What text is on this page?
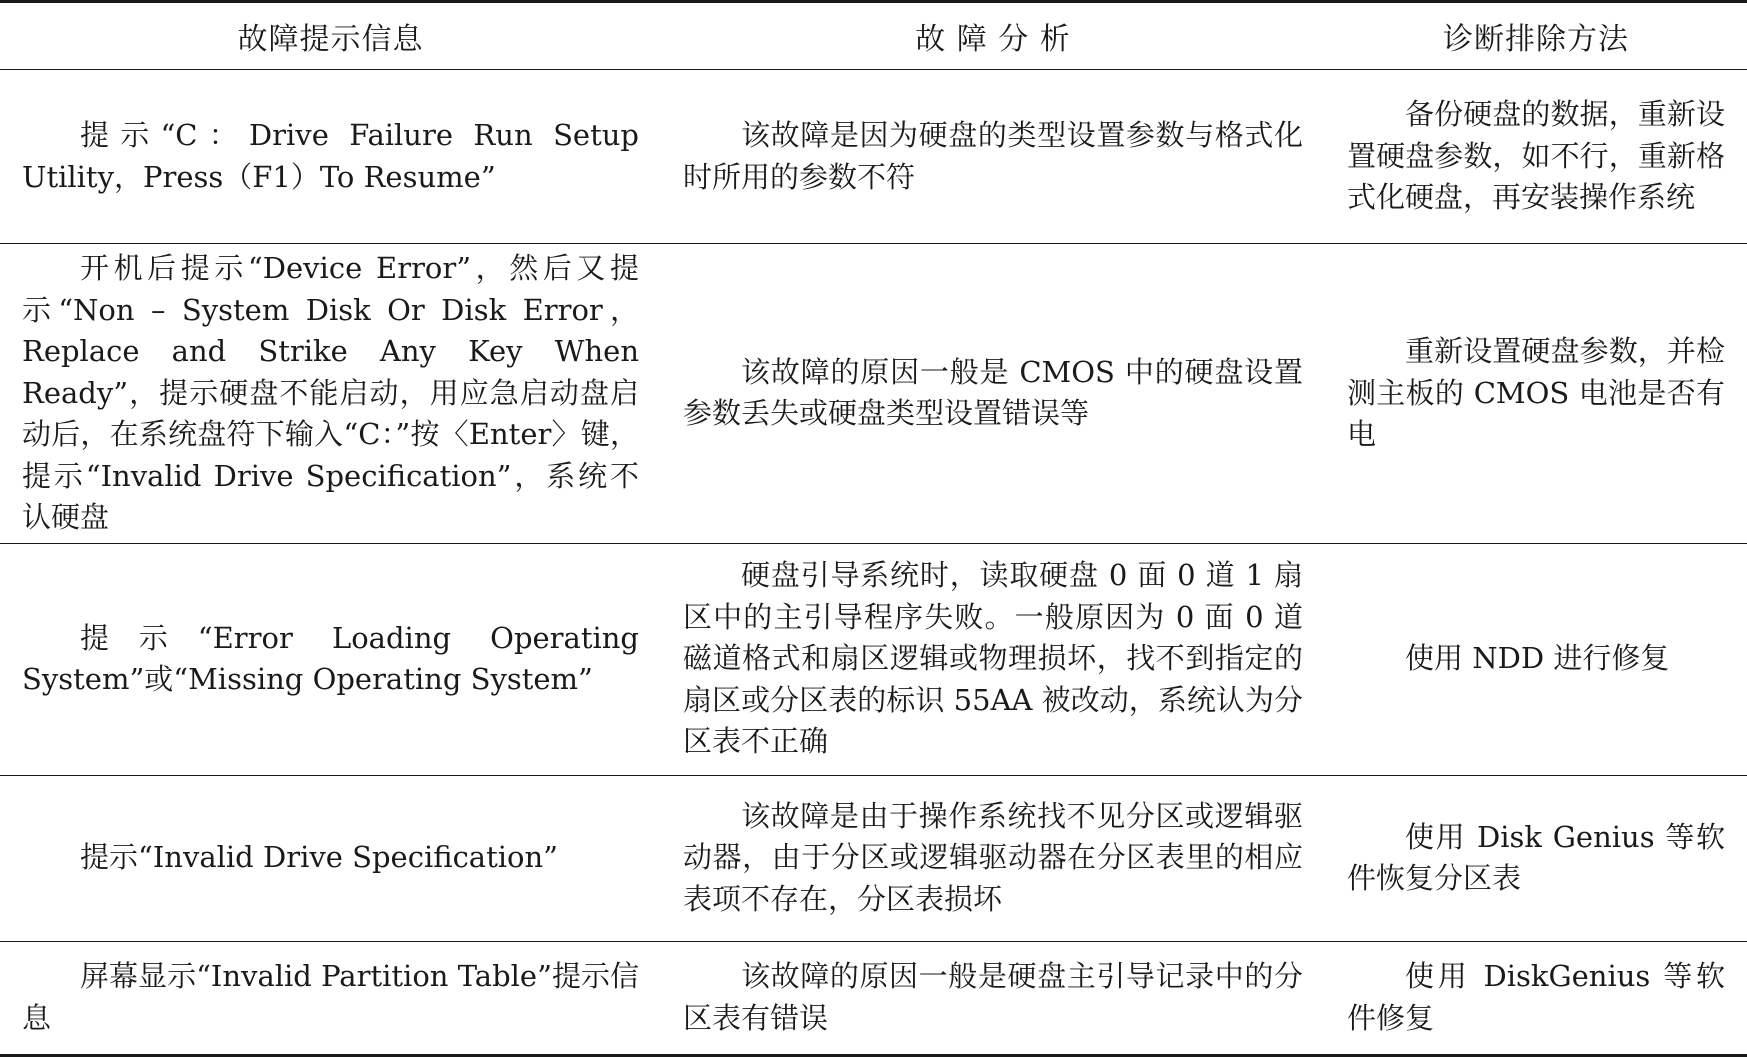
故障提示信息	故 障 分 析	诊断排除方法

提示“C：Drive Failure Run Setup Utility，Press（F1）To Resume”	该故障是因为硬盘的类型设置参数与格式化时所用的参数不符	备份硬盘的数据，重新设置硬盘参数，如不行，重新格式化硬盘，再安装操作系统

开机后提示“Device Error”，然后又提示“Non – System Disk Or Disk Error，Replace and Strike Any Key When Ready”，提示硬盘不能启动，用应急启动盘启动后，在系统盘符下输入“C：”按〈Enter〉键，提示“Invalid Drive Specification”，系统不认硬盘	该故障的原因一般是 CMOS 中的硬盘设置参数丢失或硬盘类型设置错误等	重新设置硬盘参数，并检测主板的 CMOS 电池是否有电

提示“Error Loading Operating System”或“Missing Operating System”	硬盘引导系统时，读取硬盘 0 面 0 道 1 扇区中的主引导程序失败。一般原因为 0 面 0 道磁道格式和扇区逻辑或物理损坏，找不到指定的扇区或分区表的标识 55AA 被改动，系统认为分区表不正确	使用 NDD 进行修复

提示“Invalid Drive Specification”	该故障是由于操作系统找不见分区或逻辑驱动器，由于分区或逻辑驱动器在分区表里的相应表项不存在，分区表损坏	使用 Disk Genius 等软件恢复分区表

屏幕显示“Invalid Partition Table”提示信息	该故障的原因一般是硬盘主引导记录中的分区表有错误	使用 DiskGenius 等软件修复
